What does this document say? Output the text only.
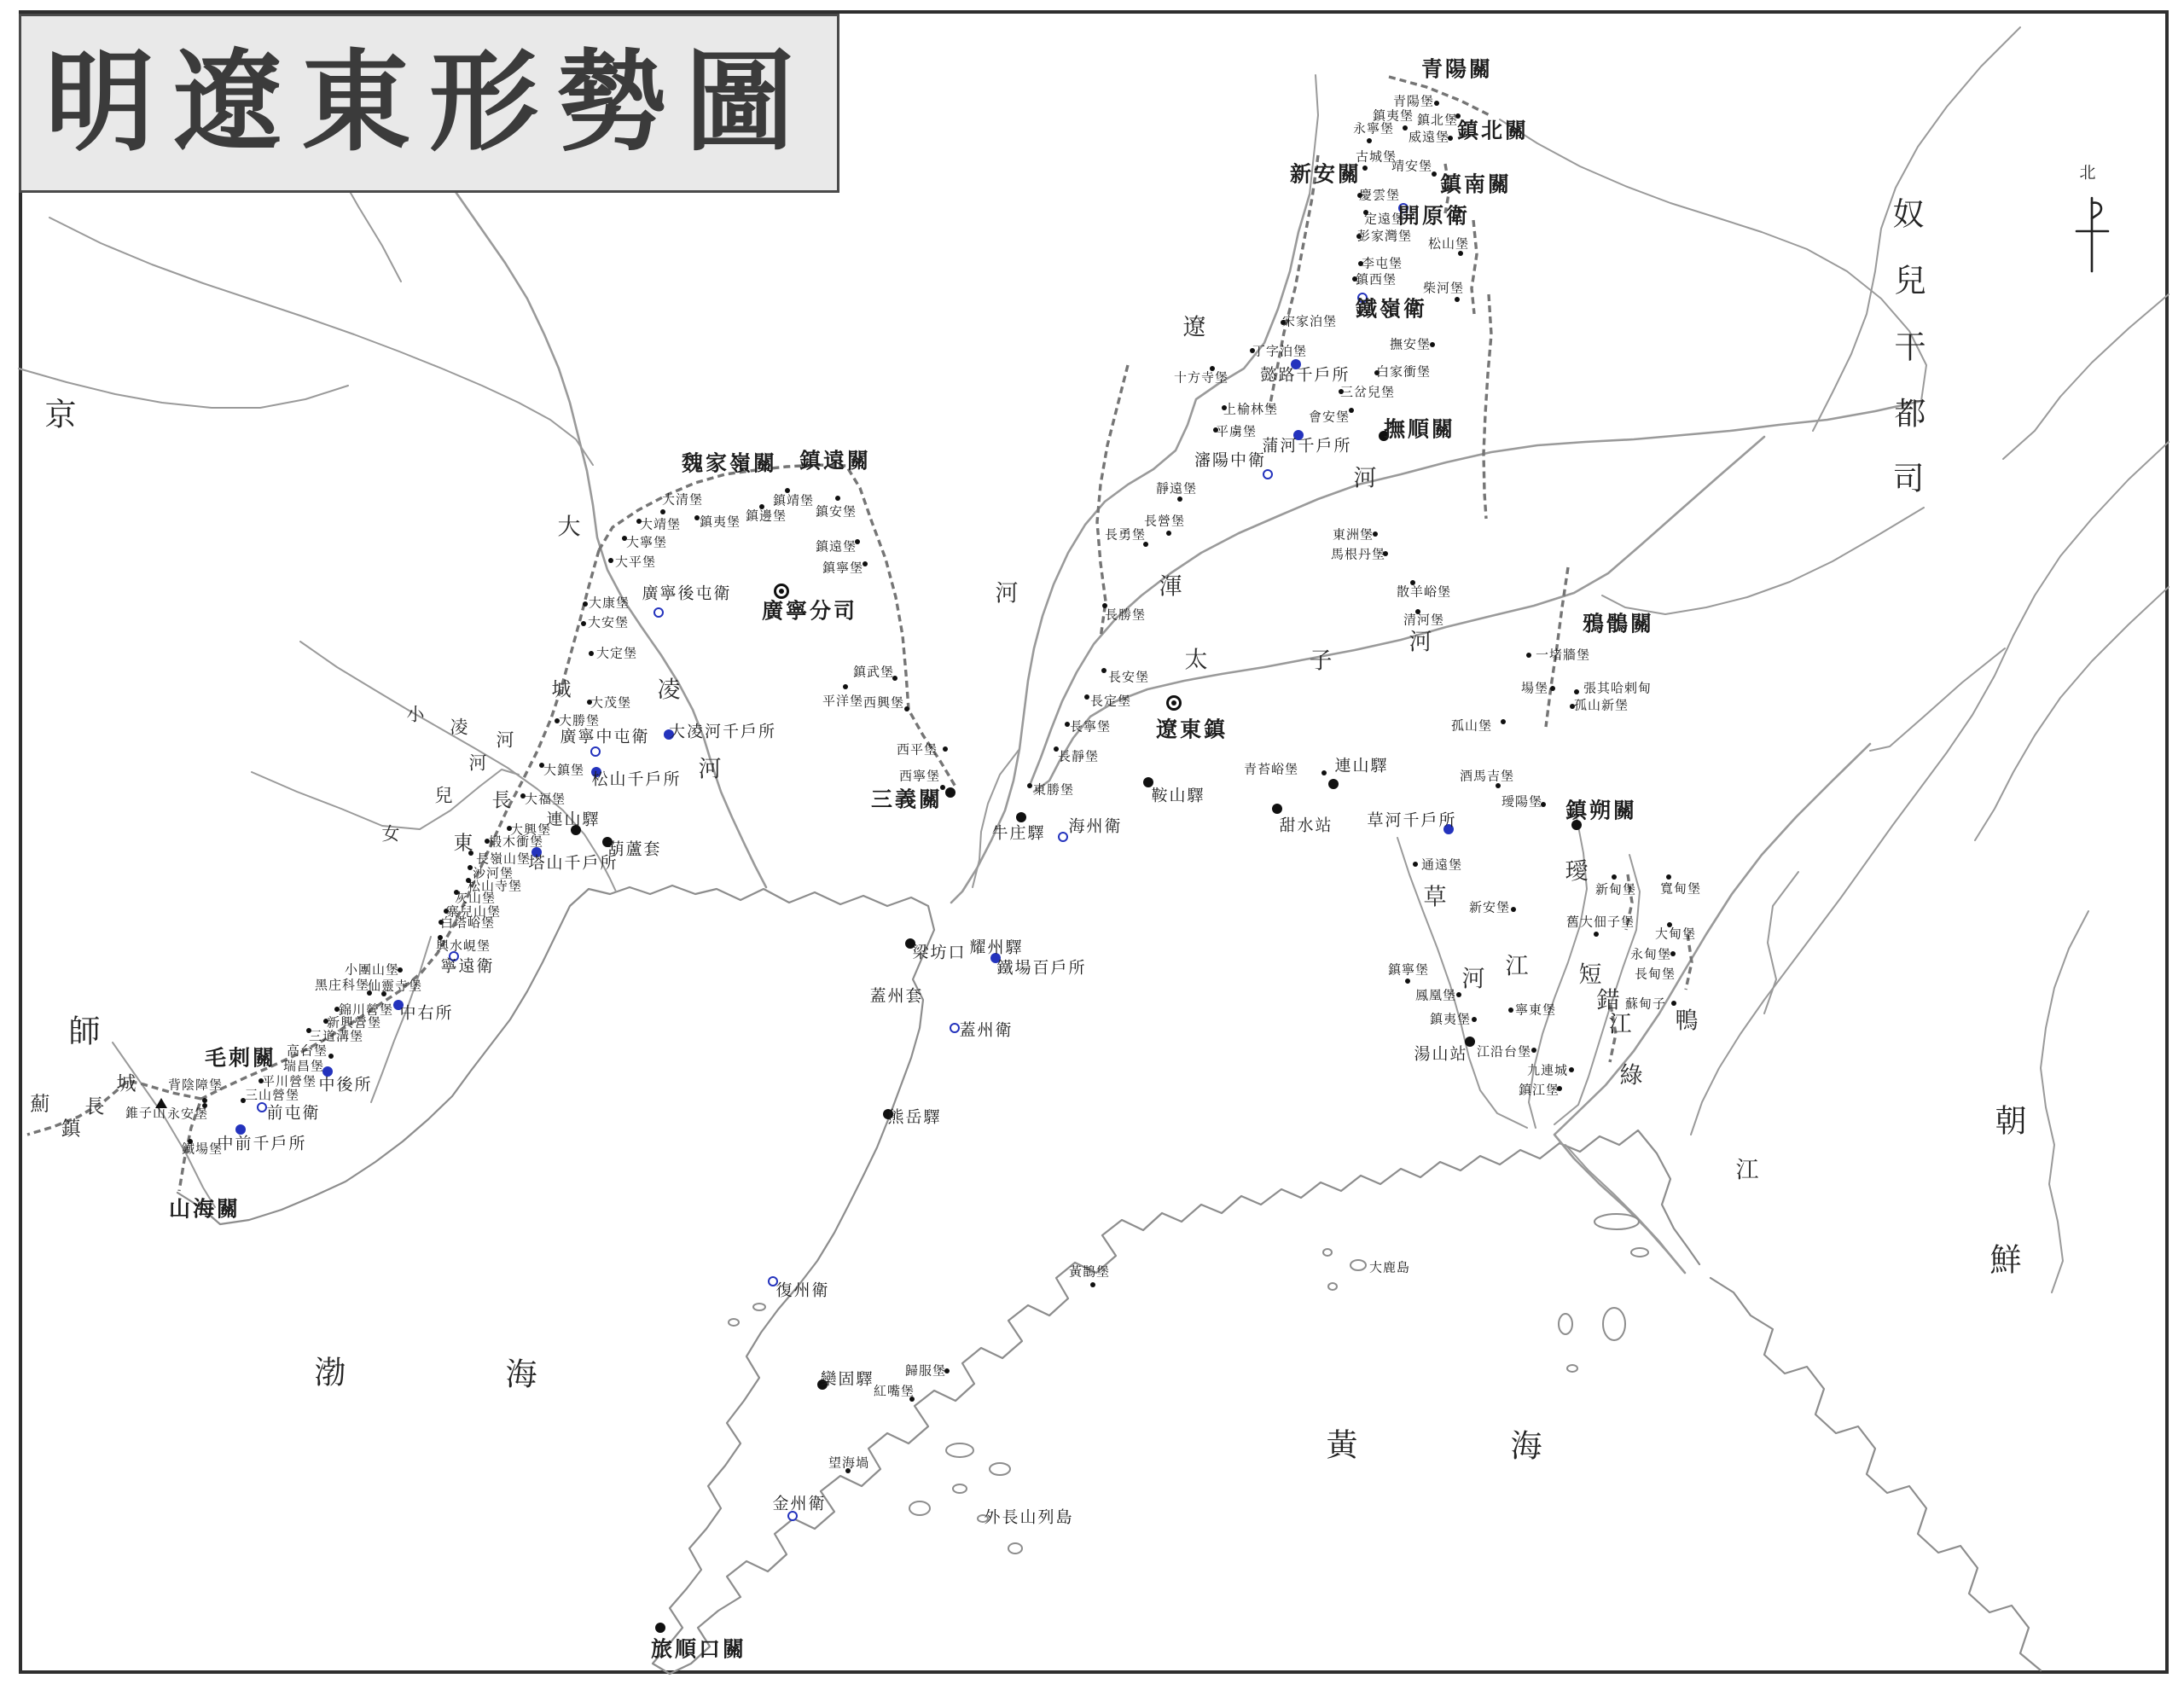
明遼東形勢圖	青陽關
青陽堡
鎮夷堡
永寧堡
鎮北堡
威遠堡 鎮北關
古城堡
靖安堡
鎮南關
新安關
慶雲堡
開原衛
定遠堡
彭家灣堡
松山堡
李屯堡
鎮西堡
柴河堡
鐵嶺衛
宋家泊堡
撫安堡
丁字泊堡
十方寺堡 懿路千戶所 白家衝堡
三岔兒堡
上榆林堡
會安堡
平虜堡
蒲河千戶所
瀋陽中衛
撫順關
靜遠堡
東洲堡
馬根丹堡
長營堡
長勇堡
長勝堡
散羊峪堡
清河堡
一堵牆堡
場堡	張其哈剌甸
孤山新堡
孤山堡
鴉鶻關
長安堡
長定堡
長寧堡
長靜堡
東勝堡
遼東鎮
鞍山驛
青苔峪堡 連山驛
甜水站
海州衛
牛庄驛
三義關
西平堡
西寧堡
鎮武堡
平洋堡 西興堡
酒馬吉堡
璦陽堡 鎮朔關
草河千戶所
通遠堡
新安堡
新甸堡 寬甸堡
舊大佃子堡
大甸堡
永甸堡
長甸堡
蘇甸子
鎮寧堡
鳳凰堡
寧東堡
鎮夷堡
湯山站 江沿台堡
九連城
鎮江堡
魏家嶺關 鎮遠關
大清堡	鎮靖堡
大靖堡 鎮夷堡 鎮邊堡 鎮安堡
大寧堡
大平堡
鎮遠堡
鎮寧堡
廣寧後屯衛
廣寧分司
大康堡
大安堡
大定堡
大茂堡
大勝堡
廣寧中屯衛 大凌河千戶所
大鎮堡 松山千戶所
大福堡
連山驛
大興堡
椴木衝堡	葫蘆套
塔山千戶所
長嶺山堡
沙河堡
松山寺堡
灰山堡
寨兒山堡
白塔峪堡
興水峴堡
寧遠衛
小團山堡
仙靈寺堡
黑庄科堡
錦川營堡 中右所
新興營堡
三道溝堡
毛刺關 高台堡
瑞昌堡
中後所
平川營堡
背陰障堡
三山營堡
前屯衛
錐子山 永安堡
鐵場堡
中前千戶所
山海關
梁坊口 耀州驛
鐵場百戶所
蓋州套
蓋州衛
熊岳驛
復州衛
欒固驛 歸服堡
紅嘴堡
望海堝
金州衛
旅順口關
黃鵲堡	大鹿島
外長山列島
北
奴
兒
干
都
司
朝
鮮
京
師
渤	海
黃	海
遼
河	渾
河
太	子
河
大
凌
河
小
凌
河
女
兒
河
長
城
東
草
河 江
璦
短
錯
江 鴨
綠
江
城
長
薊
鎮
